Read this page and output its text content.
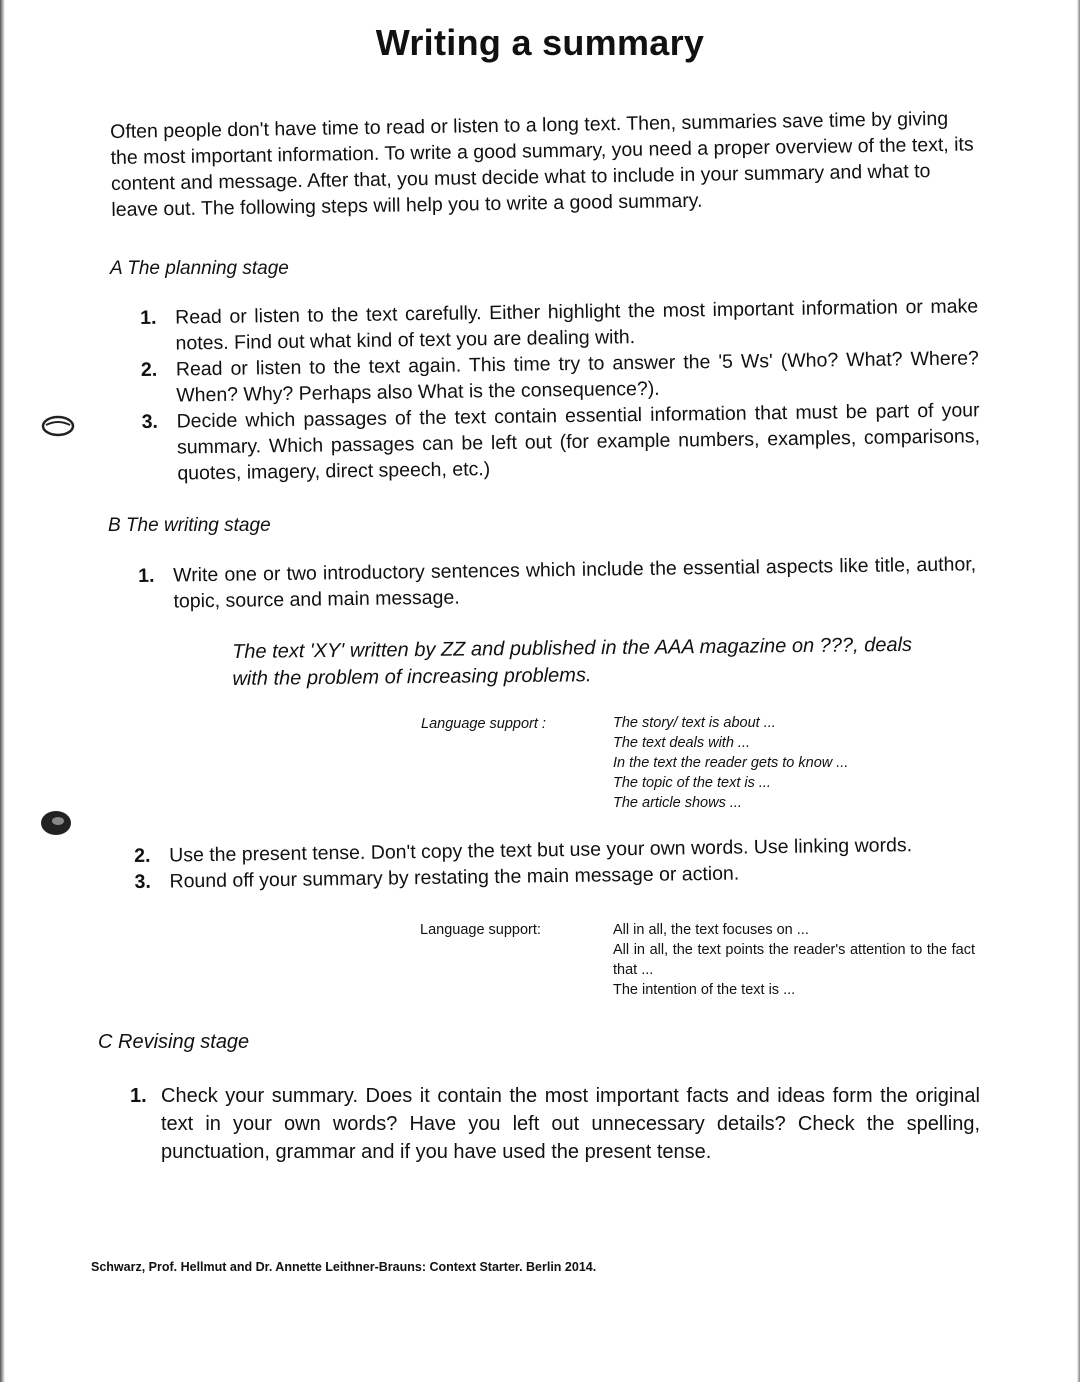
Writing a summary
Often people don't have time to read or listen to a long text. Then, summaries save time by giving the most important information. To write a good summary, you need a proper overview of the text, its content and message. After that, you must decide what to include in your summary and what to leave out. The following steps will help you to write a good summary.
A The planning stage
1. Read or listen to the text carefully. Either highlight the most important information or make notes. Find out what kind of text you are dealing with.
2. Read or listen to the text again. This time try to answer the '5 Ws' (Who? What? Where? When? Why? Perhaps also What is the consequence?).
3. Decide which passages of the text contain essential information that must be part of your summary. Which passages can be left out (for example numbers, examples, comparisons, quotes, imagery, direct speech, etc.)
B The writing stage
1. Write one or two introductory sentences which include the essential aspects like title, author, topic, source and main message.
The text 'XY' written by ZZ and published in the AAA magazine on ???, deals with the problem of increasing problems.
Language support :	The story/ text is about ...
The text deals with ...
In the text the reader gets to know ...
The topic of the text is ...
The article shows ...
2. Use the present tense. Don't copy the text but use your own words. Use linking words.
3. Round off your summary by restating the main message or action.
Language support:	All in all, the text focuses on ...
All in all, the text points the reader's attention to the fact that ...
The intention of the text is ...
C Revising stage
1. Check your summary. Does it contain the most important facts and ideas form the original text in your own words? Have you left out unnecessary details? Check the spelling, punctuation, grammar and if you have used the present tense.
Schwarz, Prof. Hellmut and Dr. Annette Leithner-Brauns: Context Starter. Berlin 2014.
